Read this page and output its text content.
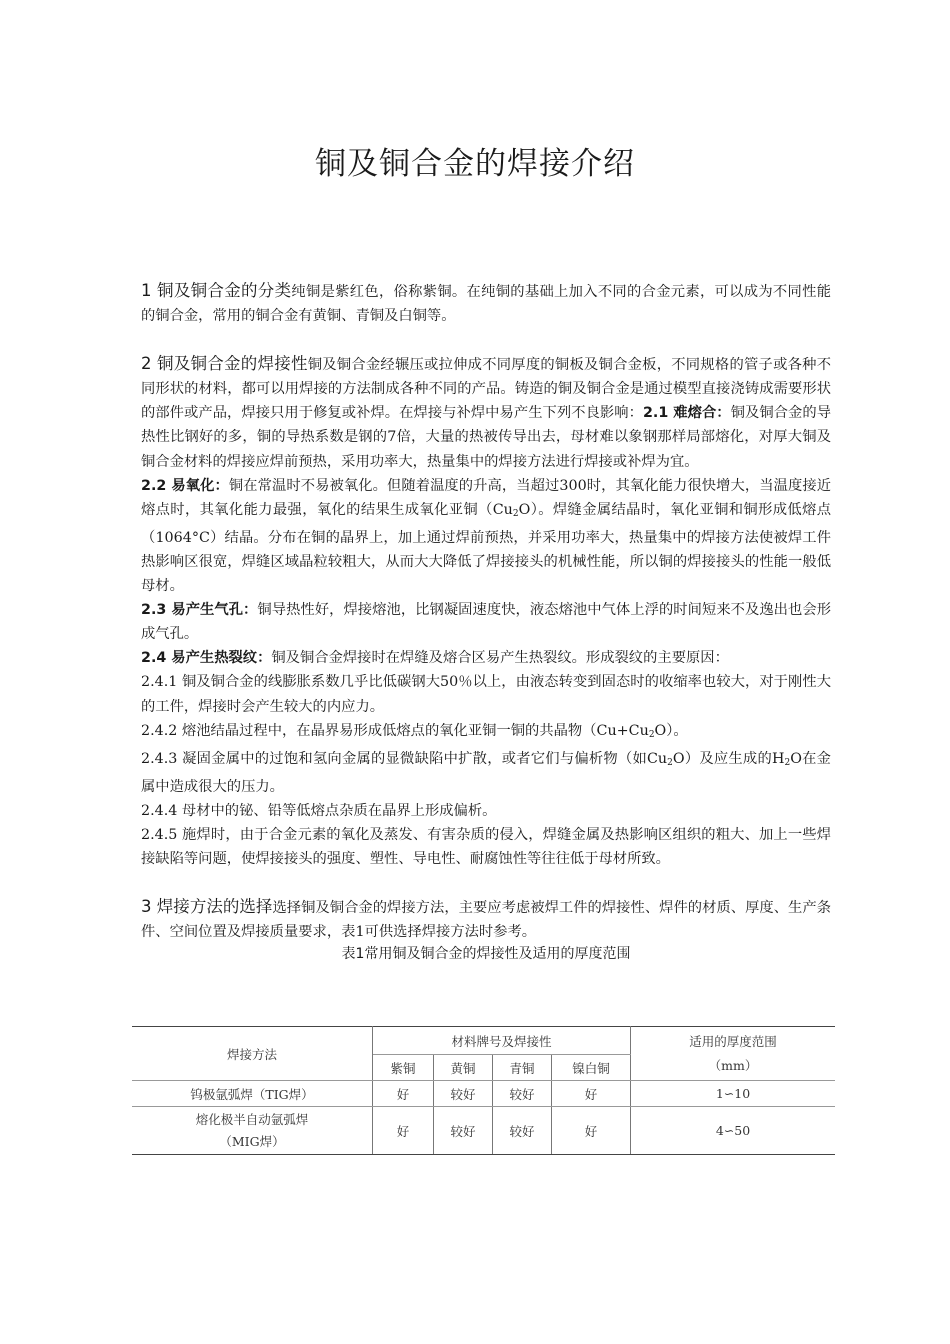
铜及铜合金的焊接介绍

1 铜及铜合金的分类纯铜是紫红色，俗称紫铜。在纯铜的基础上加入不同的合金元素，可以成为不同性能的铜合金，常用的铜合金有黄铜、青铜及白铜等。

2 铜及铜合金的焊接性铜及铜合金经辗压或拉伸成不同厚度的铜板及铜合金板，不同规格的管子或各种不同形状的材料，都可以用焊接的方法制成各种不同的产品。铸造的铜及铜合金是通过模型直接浇铸成需要形状的部件或产品，焊接只用于修复或补焊。在焊接与补焊中易产生下列不良影响：2.1 难熔合：铜及铜合金的导热性比钢好的多，铜的导热系数是钢的7倍，大量的热被传导出去，母材难以象钢那样局部熔化，对厚大铜及铜合金材料的焊接应焊前预热，采用功率大，热量集中的焊接方法进行焊接或补焊为宜。

2.2 易氧化：铜在常温时不易被氧化。但随着温度的升高，当超过300时，其氧化能力很快增大，当温度接近熔点时，其氧化能力最强，氧化的结果生成氧化亚铜$(Cu_2O)$。焊缝金属结晶时，氧化亚铜和铜形成低熔点（1064°C）结晶。分布在铜的晶界上，加上通过焊前预热，并采用功率大，热量集中的焊接方法使被焊工件热影响区很宽，焊缝区域晶粒较粗大，从而大大降低了焊接接头的机械性能，所以铜的焊接接头的性能一般低母材。

2.3 易产生气孔：铜导热性好，焊接熔池，比钢凝固速度快，液态熔池中气体上浮的时间短来不及逸出也会形成气孔。

2.4 易产生热裂纹：铜及铜合金焊接时在焊缝及熔合区易产生热裂纹。形成裂纹的主要原因：

2.4.1 铜及铜合金的线膨胀系数几乎比低碳钢大50％以上，由液态转变到固态时的收缩率也较大，对于刚性大的工件，焊接时会产生较大的内应力。

2.4.2 熔池结晶过程中，在晶界易形成低熔点的氧化亚铜一铜的共晶物$(Cu+Cu_2O)$。

2.4.3 凝固金属中的过饱和氢向金属的显微缺陷中扩散，或者它们与偏析物（如$Cu_2O$）及应生成的$H_2O$在金属中造成很大的压力。

2.4.4 母材中的铋、铅等低熔点杂质在晶界上形成偏析。

2.4.5 施焊时，由于合金元素的氧化及蒸发、有害杂质的侵入，焊缝金属及热影响区组织的粗大、加上一些焊接缺陷等问题，使焊接接头的强度、塑性、导电性、耐腐蚀性等往往低于母材所致。

3 焊接方法的选择选择铜及铜合金的焊接方法，主要应考虑被焊工件的焊接性、焊件的材质、厚度、生产条件、空间位置及焊接质量要求，表1可供选择焊接方法时参考。

表1常用铜及铜合金的焊接性及适用的厚度范围

焊接方法	材料牌号及焊接性				适用的厚度范围
（mm）
	紫铜	黄铜	青铜	镍白铜	
钨极氩弧焊（TIG焊）	好	较好	较好	好	1∽10
熔化极半自动氩弧焊
（MIG焊）	好	较好	较好	好	4∽50
